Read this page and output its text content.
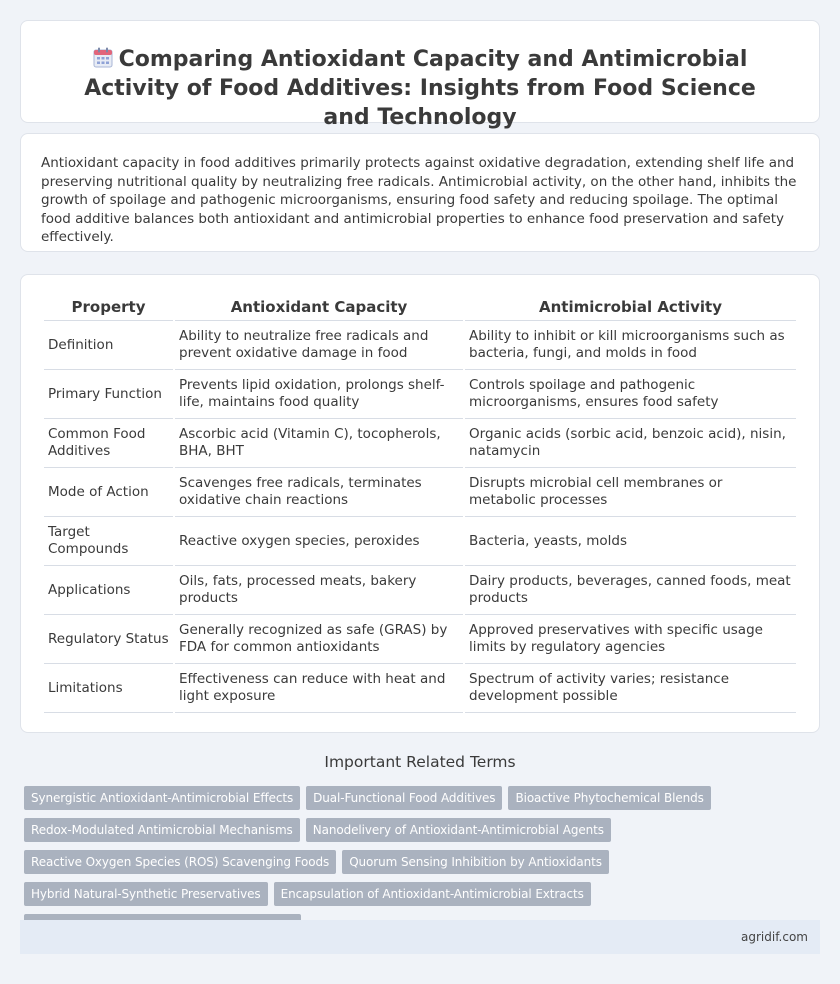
Comparing Antioxidant Capacity and Antimicrobial Activity of Food Additives: Insights from Food Science and Technology

Antioxidant capacity in food additives primarily protects against oxidative degradation, extending shelf life and preserving nutritional quality by neutralizing free radicals. Antimicrobial activity, on the other hand, inhibits the growth of spoilage and pathogenic microorganisms, ensuring food safety and reducing spoilage. The optimal food additive balances both antioxidant and antimicrobial properties to enhance food preservation and safety effectively.

Property	Antioxidant Capacity	Antimicrobial Activity
Definition	Ability to neutralize free radicals and prevent oxidative damage in food	Ability to inhibit or kill microorganisms such as bacteria, fungi, and molds in food
Primary Function	Prevents lipid oxidation, prolongs shelf-life, maintains food quality	Controls spoilage and pathogenic microorganisms, ensures food safety
Common Food Additives	Ascorbic acid (Vitamin C), tocopherols, BHA, BHT	Organic acids (sorbic acid, benzoic acid), nisin, natamycin
Mode of Action	Scavenges free radicals, terminates oxidative chain reactions	Disrupts microbial cell membranes or metabolic processes
Target Compounds	Reactive oxygen species, peroxides	Bacteria, yeasts, molds
Applications	Oils, fats, processed meats, bakery products	Dairy products, beverages, canned foods, meat products
Regulatory Status	Generally recognized as safe (GRAS) by FDA for common antioxidants	Approved preservatives with specific usage limits by regulatory agencies
Limitations	Effectiveness can reduce with heat and light exposure	Spectrum of activity varies; resistance development possible
Important Related Terms
Synergistic Antioxidant-Antimicrobial Effects	Dual-Functional Food Additives	Bioactive Phytochemical Blends
Redox-Modulated Antimicrobial Mechanisms	Nanodelivery of Antioxidant-Antimicrobial Agents
Reactive Oxygen Species (ROS) Scavenging Foods	Quorum Sensing Inhibition by Antioxidants
Hybrid Natural-Synthetic Preservatives	Encapsulation of Antioxidant-Antimicrobial Extracts
agridif.com
